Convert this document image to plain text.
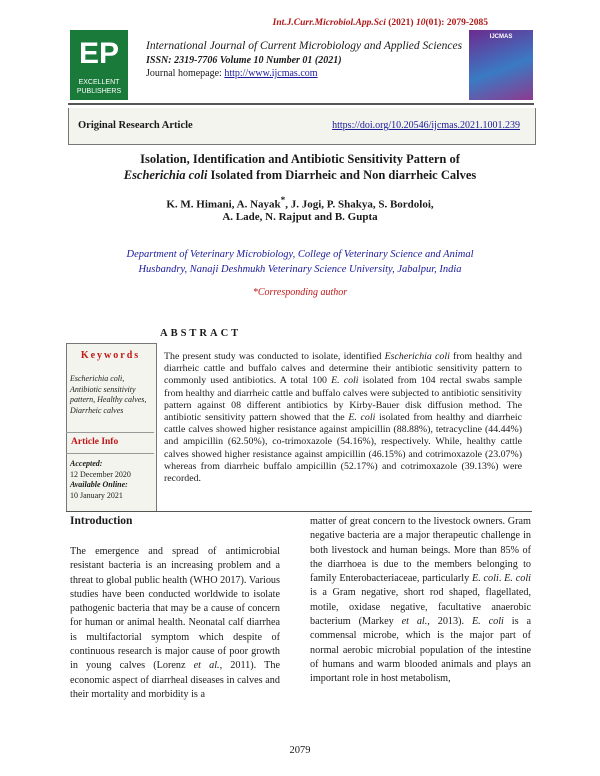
Int.J.Curr.Microbiol.App.Sci (2021) 10(01): 2079-2085
EP
EXCELLENT PUBLISHERS
International Journal of Current Microbiology and Applied Sciences
ISSN: 2319-7706 Volume 10 Number 01 (2021)
Journal homepage: http://www.ijcmas.com
IJCMAS
Original Research Article	https://doi.org/10.20546/ijcmas.2021.1001.239
Isolation, Identification and Antibiotic Sensitivity Pattern of
Escherichia coli Isolated from Diarrheic and Non diarrheic Calves
K. M. Himani, A. Nayak*, J. Jogi, P. Shakya, S. Bordoloi,
A. Lade, N. Rajput and B. Gupta
Department of Veterinary Microbiology, College of Veterinary Science and Animal
Husbandry, Nanaji Deshmukh Veterinary Science University, Jabalpur, India
*Corresponding author
ABSTRACT
Keywords
Escherichia coli, Antibiotic sensitivity pattern, Healthy calves, Diarrheic calves
Article Info
Accepted:
12 December 2020
Available Online:
10 January 2021
The present study was conducted to isolate, identified Escherichia coli from healthy and diarrheic cattle and buffalo calves and determine their antibiotic sensitivity pattern to commonly used antibiotics. A total 100 E. coli isolated from 104 rectal swabs sample from healthy and diarrheic cattle and buffalo calves were subjected to antibiotic sensitivity pattern against 08 different antibiotics by Kirby-Bauer disk diffusion method. The antibiotic sensitivity pattern showed that the E. coli isolated from healthy and diarrheic cattle calves showed higher resistance against ampicillin (88.88%), tetracycline (44.44%) and ampicillin (62.50%), co-trimoxazole (54.16%), respectively. While, healthy cattle calves showed higher resistance against ampicillin (46.15%) and cotrimoxazole (23.07%) whereas from diarrheic buffalo ampicillin (52.17%) and cotrimoxazole (39.13%) were recorded.
Introduction
The emergence and spread of antimicrobial resistant bacteria is an increasing problem and a threat to global public health (WHO 2017). Various studies have been conducted worldwide to isolate pathogenic bacteria that may be a cause of concern for human or animal health. Neonatal calf diarrhea is multifactorial symptom which despite of continuous research is major cause of poor growth in young calves (Lorenz et al., 2011). The economic aspect of diarrheal diseases in calves and their mortality and morbidity is a
matter of great concern to the livestock owners. Gram negative bacteria are a major therapeutic challenge in both livestock and human beings. More than 85% of the diarrhoea is due to the members belonging to family Enterobacteriaceae, particularly E. coli. E. coli is a Gram negative, short rod shaped, flagellated, motile, oxidase negative, facultative anaerobic bacterium (Markey et al., 2013). E. coli is a commensal microbe, which is the major part of normal aerobic microbial population of the intestine of humans and warm blooded animals and plays an important role in host metabolism,
2079
